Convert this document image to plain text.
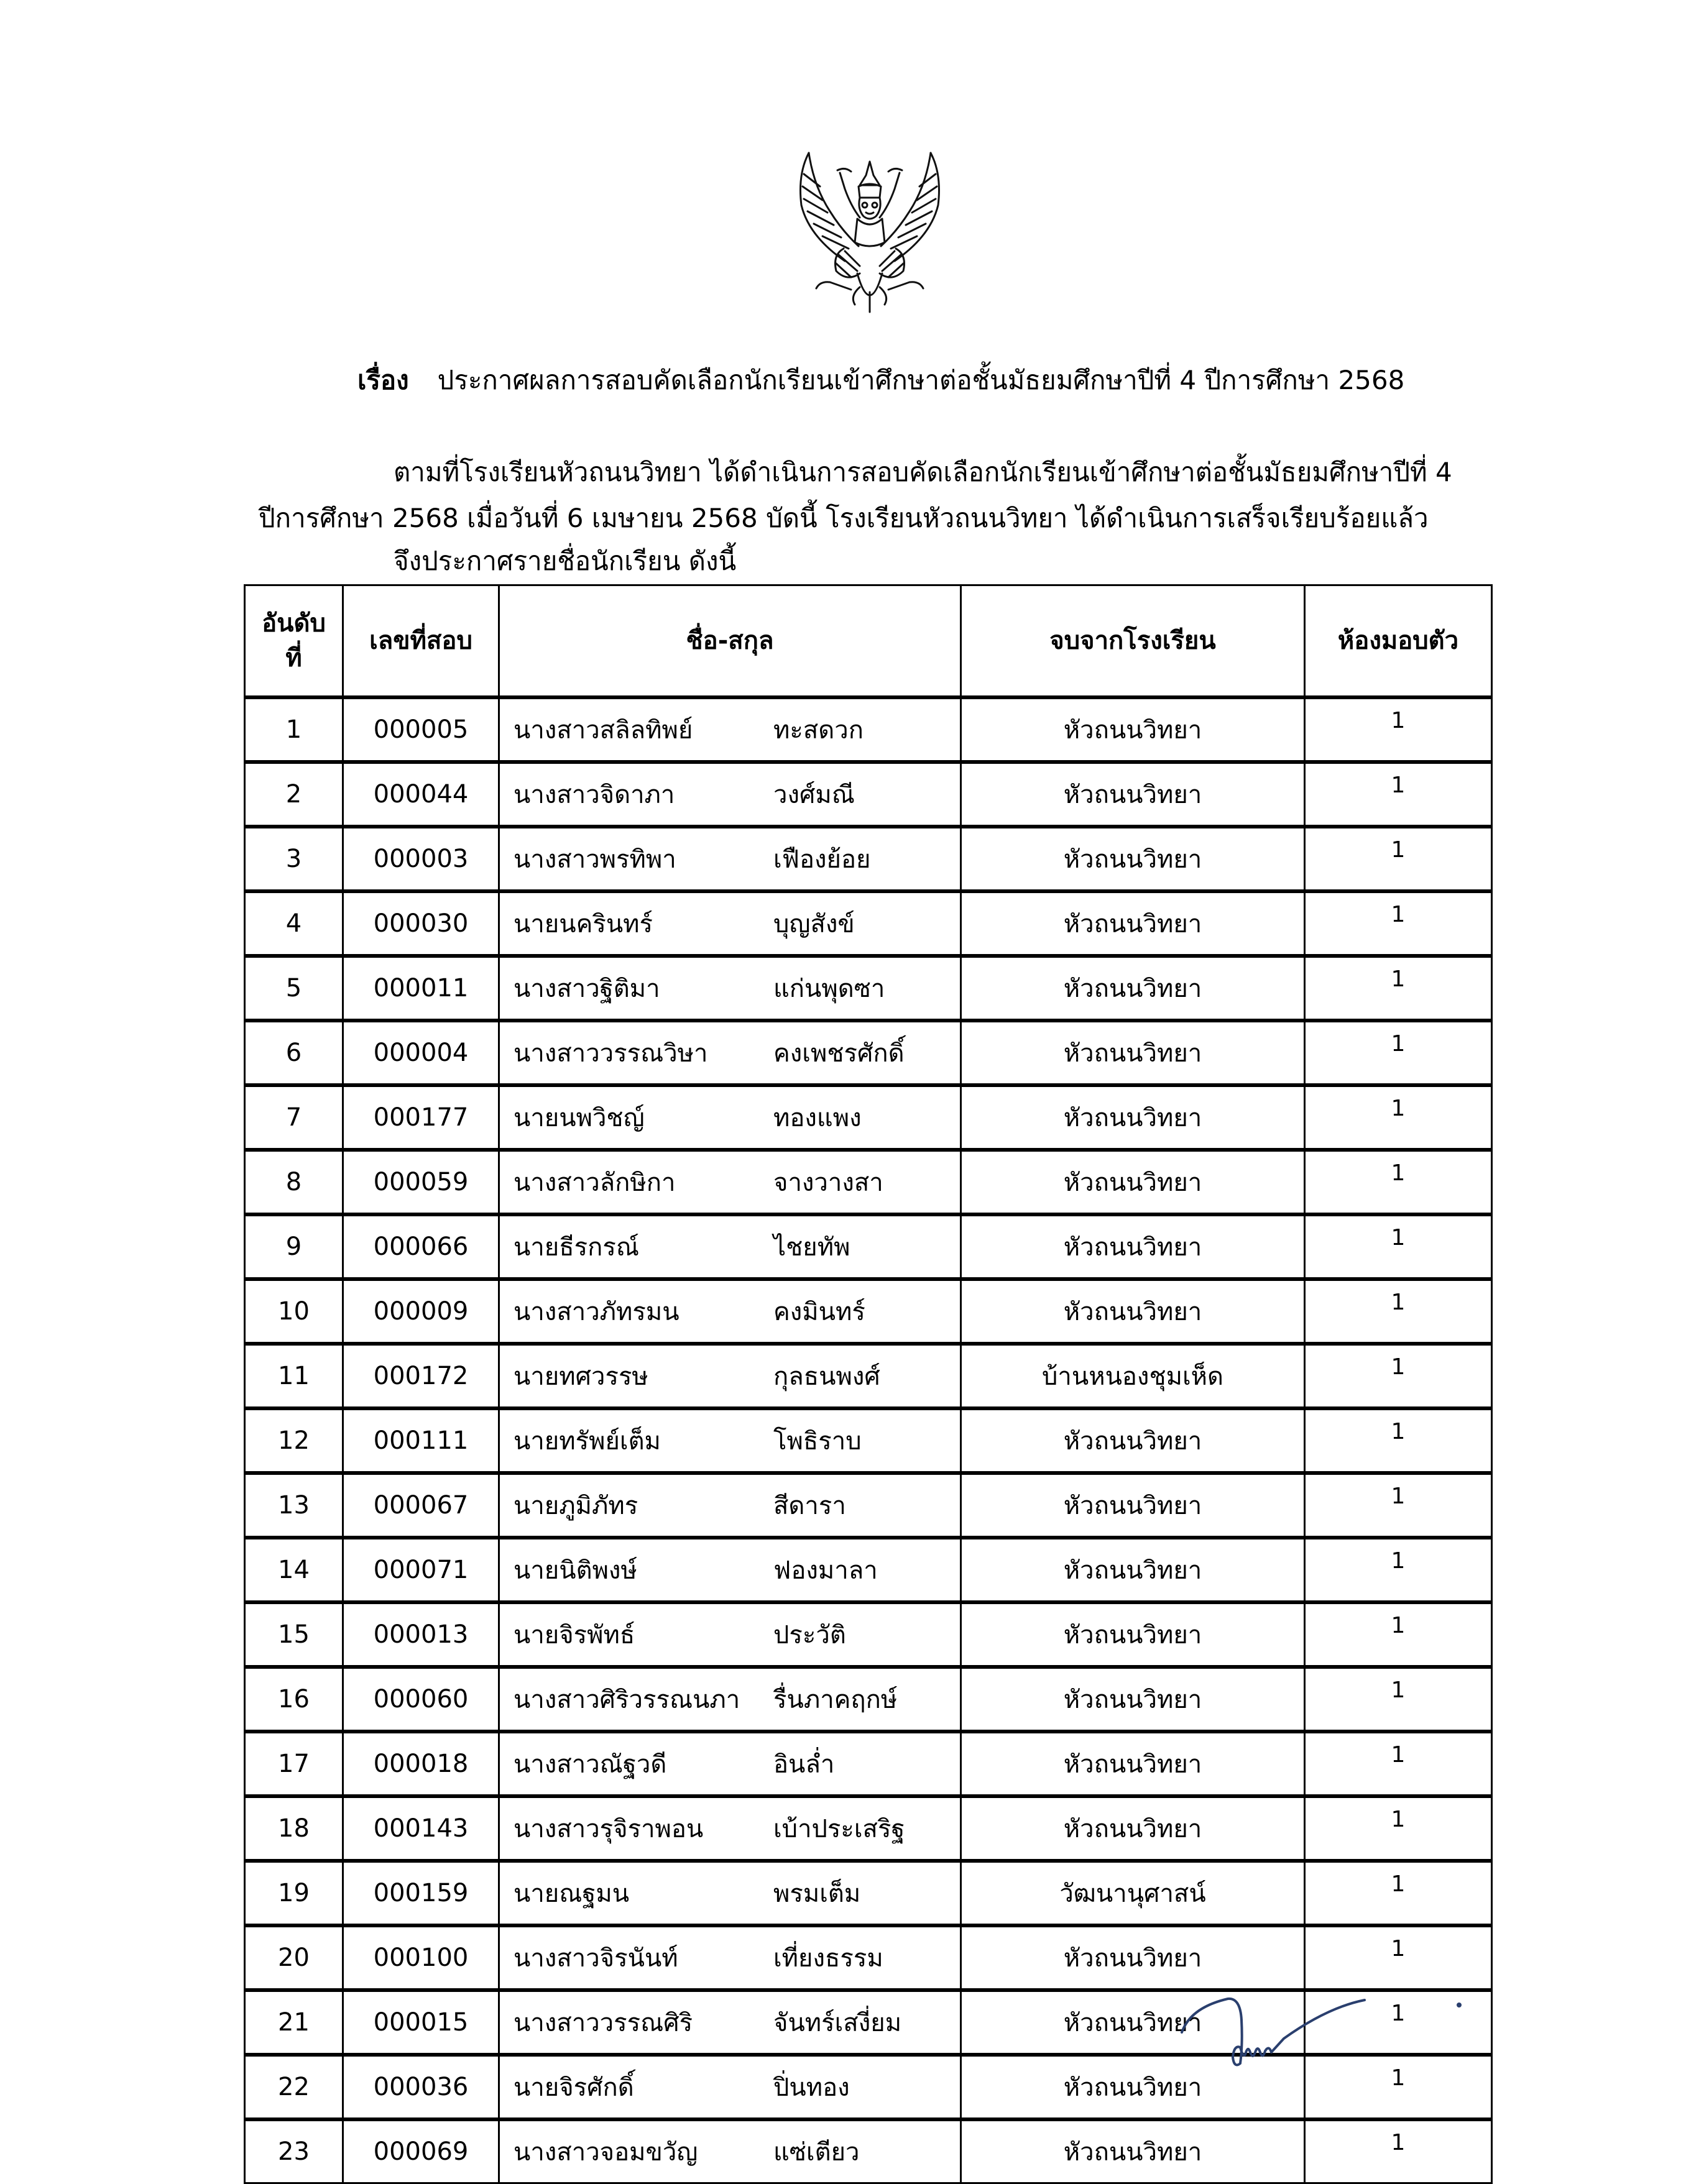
เรื่อง ประกาศผลการสอบคัดเลือกนักเรียนเข้าศึกษาต่อชั้นมัธยมศึกษาปีที่ 4 ปีการศึกษา 2568
ตามที่โรงเรียนหัวถนนวิทยา ได้ดำเนินการสอบคัดเลือกนักเรียนเข้าศึกษาต่อชั้นมัธยมศึกษาปีที่ 4
ปีการศึกษา 2568 เมื่อวันที่ 6 เมษายน 2568 บัดนี้ โรงเรียนหัวถนนวิทยา ได้ดำเนินการเสร็จเรียบร้อยแล้ว
จึงประกาศรายชื่อนักเรียน ดังนี้
อันดับ
ที่	เลขที่สอบ	ชื่อ-สกุล	จบจากโรงเรียน	ห้องมอบตัว
1	000005	นางสาวสลิลทิพย์ ทะสดวก	หัวถนนวิทยา	1
2	000044	นางสาวจิดาภา วงศ์มณี	หัวถนนวิทยา	1
3	000003	นางสาวพรทิพา เฟืองย้อย	หัวถนนวิทยา	1
4	000030	นายนครินทร์ บุญสังข์	หัวถนนวิทยา	1
5	000011	นางสาวฐิติมา แก่นพุดซา	หัวถนนวิทยา	1
6	000004	นางสาววรรณวิษา คงเพชรศักดิ์	หัวถนนวิทยา	1
7	000177	นายนพวิชญ์ ทองแพง	หัวถนนวิทยา	1
8	000059	นางสาวลักษิกา จางวางสา	หัวถนนวิทยา	1
9	000066	นายธีรกรณ์ ไชยทัพ	หัวถนนวิทยา	1
10	000009	นางสาวภัทรมน คงมินทร์	หัวถนนวิทยา	1
11	000172	นายทศวรรษ กุลธนพงศ์	บ้านหนองชุมเห็ด	1
12	000111	นายทรัพย์เต็ม โพธิราบ	หัวถนนวิทยา	1
13	000067	นายภูมิภัทร สีดารา	หัวถนนวิทยา	1
14	000071	นายนิติพงษ์ ฟองมาลา	หัวถนนวิทยา	1
15	000013	นายจิรพัทธ์ ประวัติ	หัวถนนวิทยา	1
16	000060	นางสาวศิริวรรณนภา รื่นภาคฤกษ์	หัวถนนวิทยา	1
17	000018	นางสาวณัฐวดี อินล่ำ	หัวถนนวิทยา	1
18	000143	นางสาวรุจิราพอน เบ้าประเสริฐ	หัวถนนวิทยา	1
19	000159	นายณฐมน พรมเต็ม	วัฒนานุศาสน์	1
20	000100	นางสาวจิรนันท์ เที่ยงธรรม	หัวถนนวิทยา	1
21	000015	นางสาววรรณศิริ จันทร์เสงี่ยม	หัวถนนวิทยา	1
22	000036	นายจิรศักดิ์ ปิ่นทอง	หัวถนนวิทยา	1
23	000069	นางสาวจอมขวัญ แซ่เตียว	หัวถนนวิทยา	1
